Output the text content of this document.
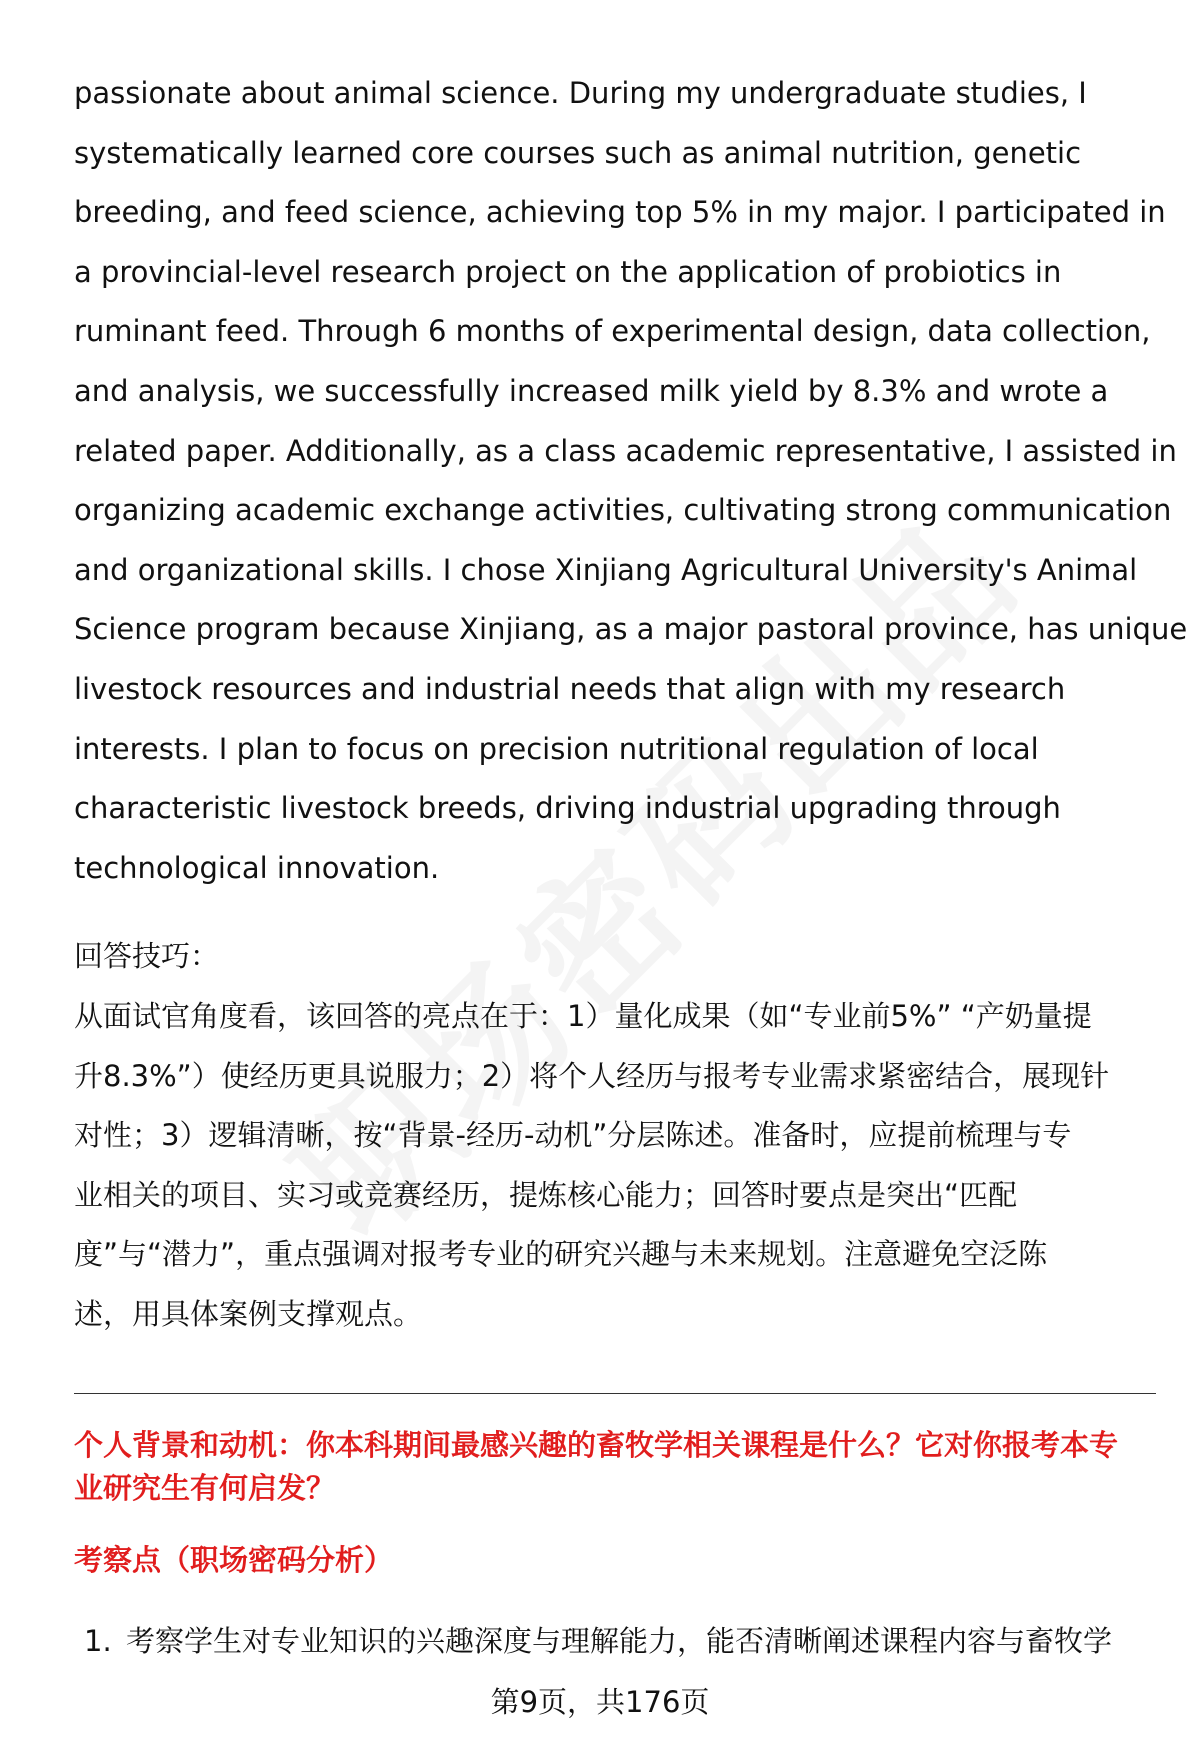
passionate about animal science. During my undergraduate studies, I
systematically learned core courses such as animal nutrition, genetic
breeding, and feed science, achieving top 5% in my major. I participated in
a provincial-level research project on the application of probiotics in
ruminant feed. Through 6 months of experimental design, data collection,
and analysis, we successfully increased milk yield by 8.3% and wrote a
related paper. Additionally, as a class academic representative, I assisted in
organizing academic exchange activities, cultivating strong communication
and organizational skills. I chose Xinjiang Agricultural University's Animal
Science program because Xinjiang, as a major pastoral province, has unique
livestock resources and industrial needs that align with my research
interests. I plan to focus on precision nutritional regulation of local
characteristic livestock breeds, driving industrial upgrading through
technological innovation.

回答技巧：

从面试官角度看，该回答的亮点在于：1）量化成果（如“专业前5%” “产奶量提
升8.3%”）使经历更具说服力；2）将个人经历与报考专业需求紧密结合，展现针
对性；3）逻辑清晰，按“背景-经历-动机”分层陈述。准备时，应提前梳理与专
业相关的项目、实习或竞赛经历，提炼核心能力；回答时要点是突出“匹配
度”与“潜力”，重点强调对报考专业的研究兴趣与未来规划。注意避免空泛陈
述，用具体案例支撑观点。
个人背景和动机：你本科期间最感兴趣的畜牧学相关课程是什么？它对你报考本专
业研究生有何启发？

考察点（职场密码分析）

1. 考察学生对专业知识的兴趣深度与理解能力，能否清晰阐述课程内容与畜牧学

第9页，共176页
